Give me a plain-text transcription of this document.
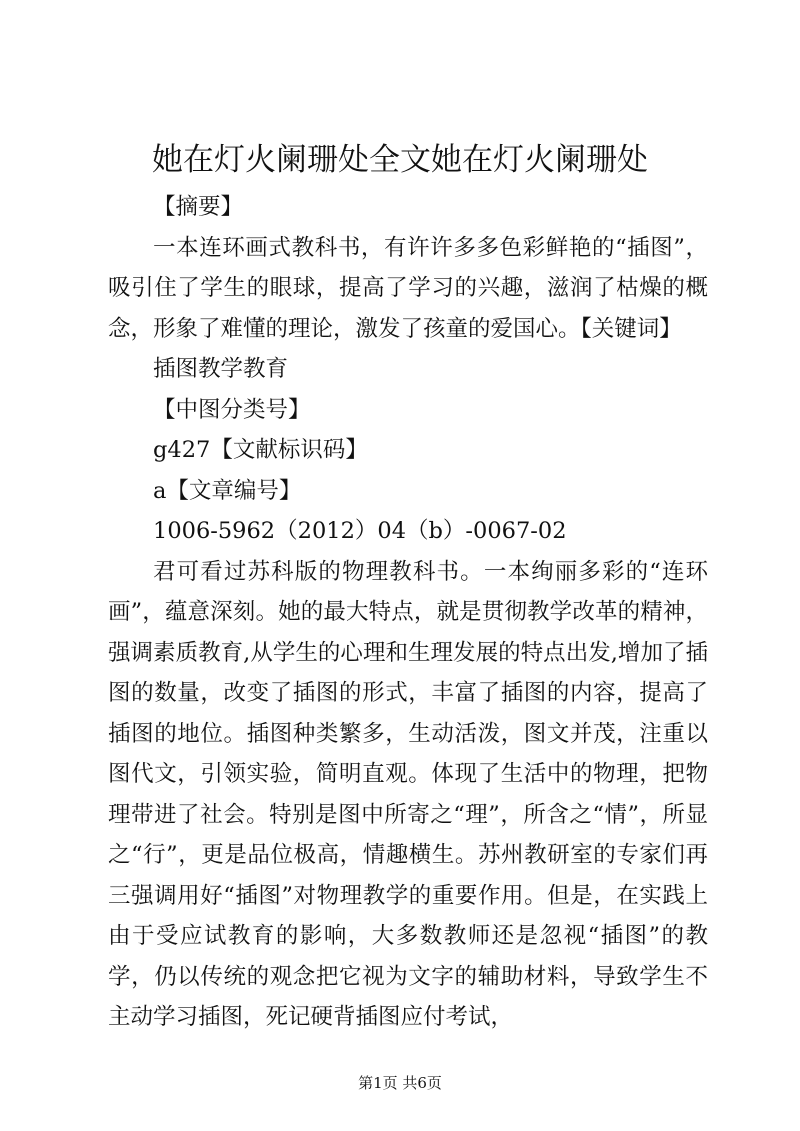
她在灯火阑珊处全文她在灯火阑珊处

【摘要】

一本连环画式教科书，有许许多多色彩鲜艳的“插图”，吸引住了学生的眼球，提高了学习的兴趣，滋润了枯燥的概念，形象了难懂的理论，激发了孩童的爱国心。【关键词】

插图教学教育

【中图分类号】

g427【文献标识码】

a【文章编号】

1006-5962（2012）04（b）-0067-02

君可看过苏科版的物理教科书。一本绚丽多彩的“连环画”，蕴意深刻。她的最大特点，就是贯彻教学改革的精神，强调素质教育,从学生的心理和生理发展的特点出发,增加了插图的数量，改变了插图的形式，丰富了插图的内容，提高了插图的地位。插图种类繁多，生动活泼，图文并茂，注重以图代文，引领实验，简明直观。体现了生活中的物理，把物理带进了社会。特别是图中所寄之“理”，所含之“情”，所显之“行”，更是品位极高，情趣横生。苏州教研室的专家们再三强调用好“插图”对物理教学的重要作用。但是，在实践上由于受应试教育的影响，大多数教师还是忽视“插图”的教学，仍以传统的观念把它视为文字的辅助材料，导致学生不主动学习插图，死记硬背插图应付考试，

第1页 共6页
